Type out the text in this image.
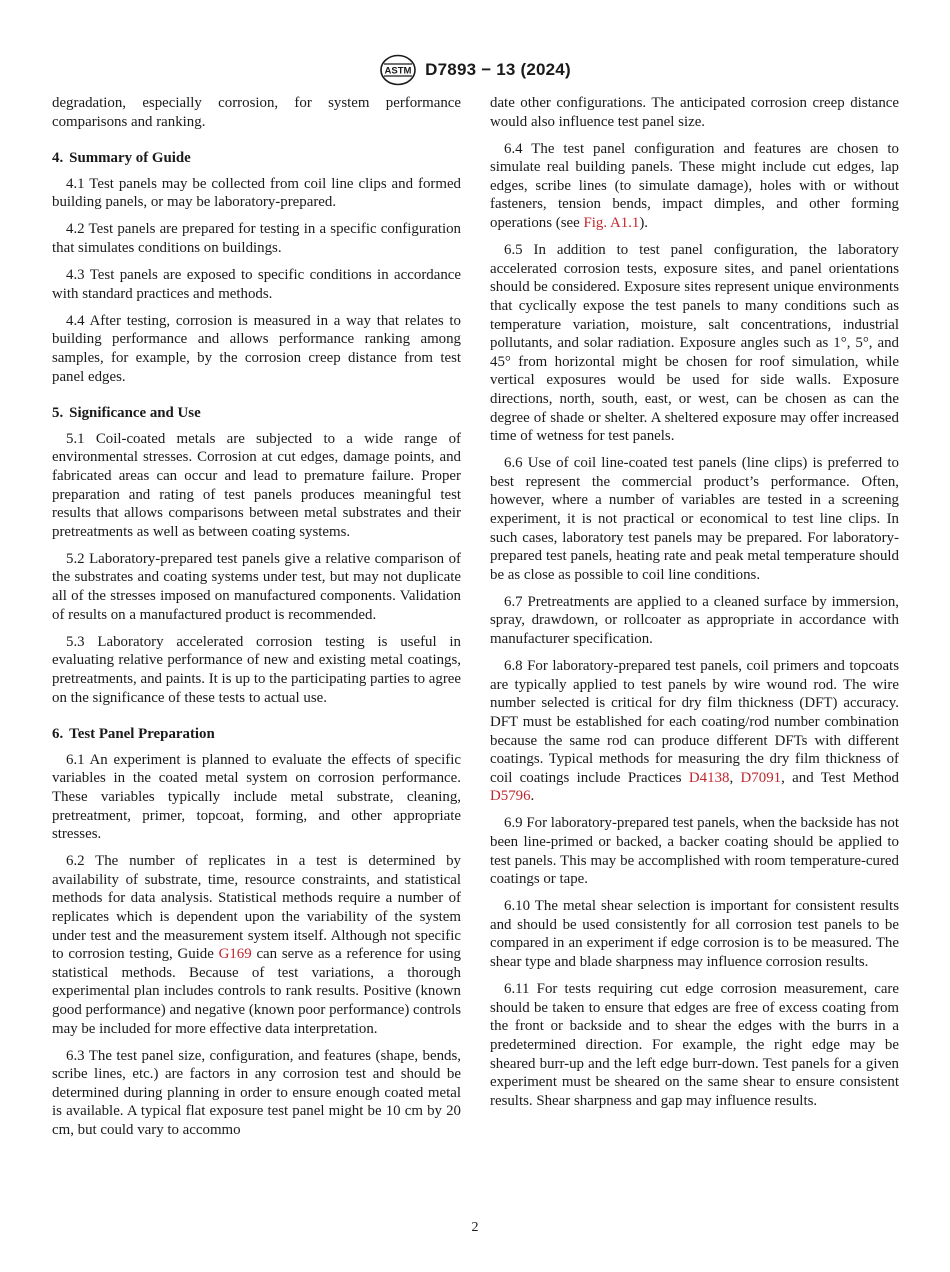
ASTM D7893 − 13 (2024)

degradation, especially corrosion, for system performance comparisons and ranking.

4. Summary of Guide

4.1 Test panels may be collected from coil line clips and formed building panels, or may be laboratory-prepared.

4.2 Test panels are prepared for testing in a specific configuration that simulates conditions on buildings.

4.3 Test panels are exposed to specific conditions in accordance with standard practices and methods.

4.4 After testing, corrosion is measured in a way that relates to building performance and allows performance ranking among samples, for example, by the corrosion creep distance from test panel edges.

5. Significance and Use

5.1 Coil-coated metals are subjected to a wide range of environmental stresses. Corrosion at cut edges, damage points, and fabricated areas can occur and lead to premature failure. Proper preparation and rating of test panels produces meaningful test results that allows comparisons between metal substrates and their pretreatments as well as between coating systems.

5.2 Laboratory-prepared test panels give a relative comparison of the substrates and coating systems under test, but may not duplicate all of the stresses imposed on manufactured components. Validation of results on a manufactured product is recommended.

5.3 Laboratory accelerated corrosion testing is useful in evaluating relative performance of new and existing metal coatings, pretreatments, and paints. It is up to the participating parties to agree on the significance of these tests to actual use.

6. Test Panel Preparation

6.1 An experiment is planned to evaluate the effects of specific variables in the coated metal system on corrosion performance. These variables typically include metal substrate, cleaning, pretreatment, primer, topcoat, forming, and other appropriate stresses.

6.2 The number of replicates in a test is determined by availability of substrate, time, resource constraints, and statistical methods for data analysis. Statistical methods require a number of replicates which is dependent upon the variability of the system under test and the measurement system itself. Although not specific to corrosion testing, Guide G169 can serve as a reference for using statistical methods. Because of test variations, a thorough experimental plan includes controls to rank results. Positive (known good performance) and negative (known poor performance) controls may be included for more effective data interpretation.

6.3 The test panel size, configuration, and features (shape, bends, scribe lines, etc.) are factors in any corrosion test and should be determined during planning in order to ensure enough coated metal is available. A typical flat exposure test panel might be 10 cm by 20 cm, but could vary to accommo

date other configurations. The anticipated corrosion creep distance would also influence test panel size.

6.4 The test panel configuration and features are chosen to simulate real building panels. These might include cut edges, lap edges, scribe lines (to simulate damage), holes with or without fasteners, tension bends, impact dimples, and other forming operations (see Fig. A1.1).

6.5 In addition to test panel configuration, the laboratory accelerated corrosion tests, exposure sites, and panel orientations should be considered. Exposure sites represent unique environments that cyclically expose the test panels to many conditions such as temperature variation, moisture, salt concentrations, industrial pollutants, and solar radiation. Exposure angles such as 1°, 5°, and 45° from horizontal might be chosen for roof simulation, while vertical exposures would be used for side walls. Exposure directions, north, south, east, or west, can be chosen as can the degree of shade or shelter. A sheltered exposure may offer increased time of wetness for test panels.

6.6 Use of coil line-coated test panels (line clips) is preferred to best represent the commercial product’s performance. Often, however, where a number of variables are tested in a screening experiment, it is not practical or economical to test line clips. In such cases, laboratory test panels may be prepared. For laboratory-prepared test panels, heating rate and peak metal temperature should be as close as possible to coil line conditions.

6.7 Pretreatments are applied to a cleaned surface by immersion, spray, drawdown, or rollcoater as appropriate in accordance with manufacturer specification.

6.8 For laboratory-prepared test panels, coil primers and topcoats are typically applied to test panels by wire wound rod. The wire number selected is critical for dry film thickness (DFT) accuracy. DFT must be established for each coating/rod number combination because the same rod can produce different DFTs with different coatings. Typical methods for measuring the dry film thickness of coil coatings include Practices D4138, D7091, and Test Method D5796.

6.9 For laboratory-prepared test panels, when the backside has not been line-primed or backed, a backer coating should be applied to test panels. This may be accomplished with room temperature-cured coatings or tape.

6.10 The metal shear selection is important for consistent results and should be used consistently for all corrosion test panels to be compared in an experiment if edge corrosion is to be measured. The shear type and blade sharpness may influence corrosion results.

6.11 For tests requiring cut edge corrosion measurement, care should be taken to ensure that edges are free of excess coating from the front or backside and to shear the edges with the burrs in a predetermined direction. For example, the right edge may be sheared burr-up and the left edge burr-down. Test panels for a given experiment must be sheared on the same shear to ensure consistent results. Shear sharpness and gap may influence results.

2
